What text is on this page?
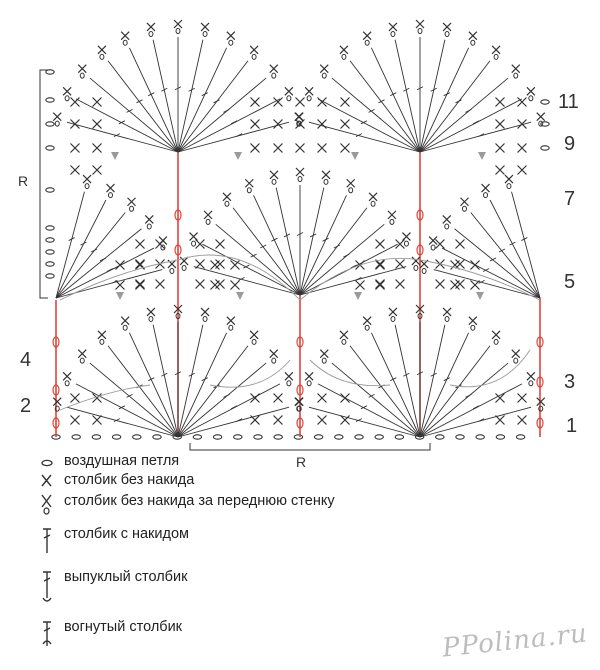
1
3
5
7
9
11
2
4
R
R
воздушная петля
столбик без накида
столбик без накида за переднюю стенку
столбик с накидом
выпуклый столбик
вогнутый столбик	PPolina.ru
